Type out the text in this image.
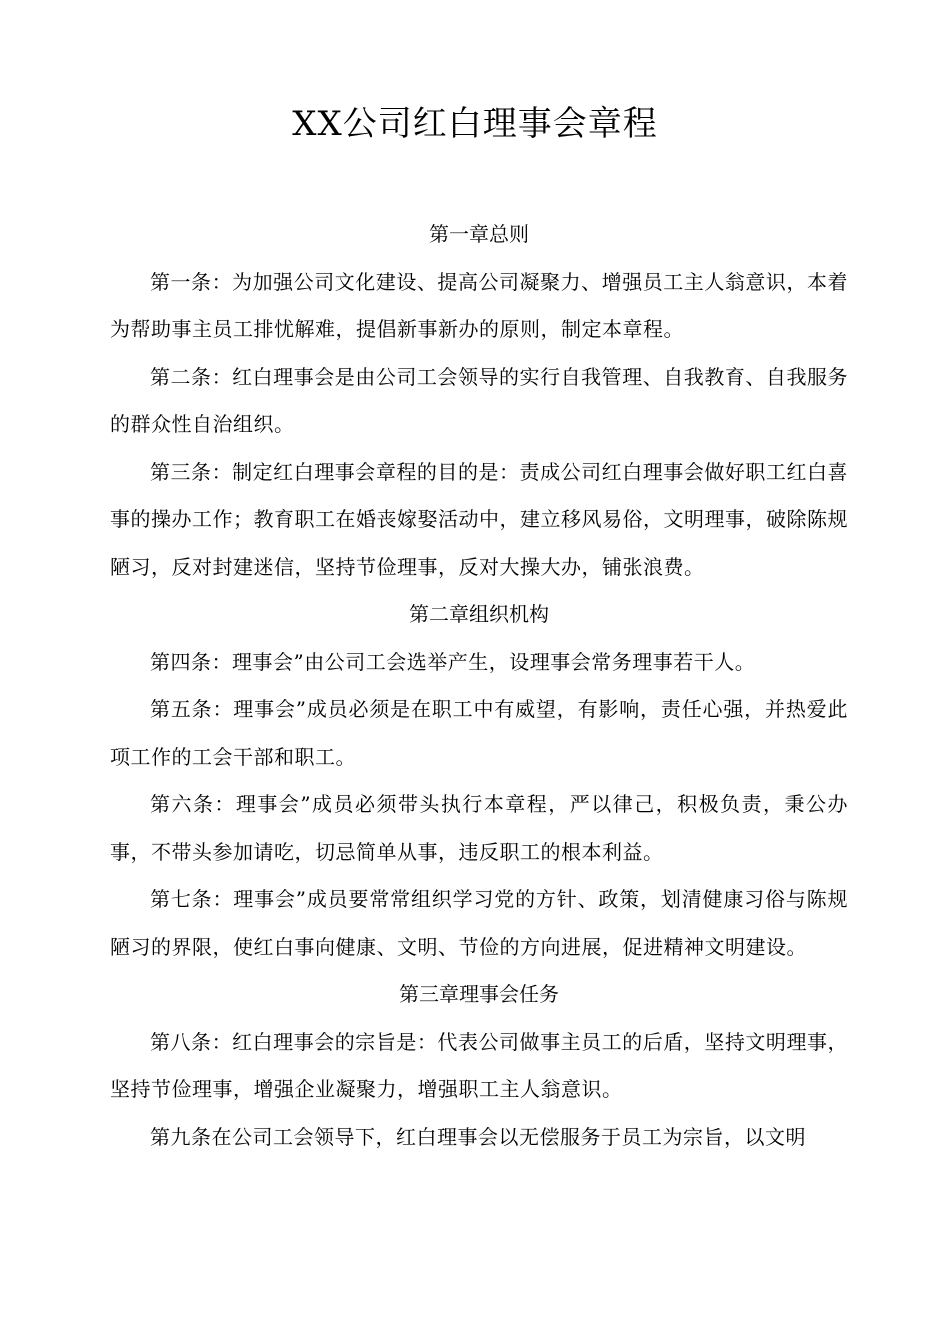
XX公司红白理事会章程
第一章总则

第一条：为加强公司文化建设、提高公司凝聚力、增强员工主人翁意识，本着为帮助事主员工排忧解难，提倡新事新办的原则，制定本章程。

第二条：红白理事会是由公司工会领导的实行自我管理、自我教育、自我服务的群众性自治组织。

第三条：制定红白理事会章程的目的是：责成公司红白理事会做好职工红白喜事的操办工作；教育职工在婚丧嫁娶活动中，建立移风易俗，文明理事，破除陈规陋习，反对封建迷信，坚持节俭理事，反对大操大办，铺张浪费。

第二章组织机构

第四条：理事会”由公司工会选举产生，设理事会常务理事若干人。

第五条：理事会”成员必须是在职工中有威望，有影响，责任心强，并热爱此项工作的工会干部和职工。

第六条：理事会”成员必须带头执行本章程，严以律己，积极负责，秉公办事，不带头参加请吃，切忌简单从事，违反职工的根本利益。

第七条：理事会”成员要常常组织学习党的方针、政策，划清健康习俗与陈规陋习的界限，使红白事向健康、文明、节俭的方向进展，促进精神文明建设。

第三章理事会任务

第八条：红白理事会的宗旨是：代表公司做事主员工的后盾，坚持文明理事，坚持节俭理事，增强企业凝聚力，增强职工主人翁意识。

第九条在公司工会领导下，红白理事会以无偿服务于员工为宗旨，以文明
